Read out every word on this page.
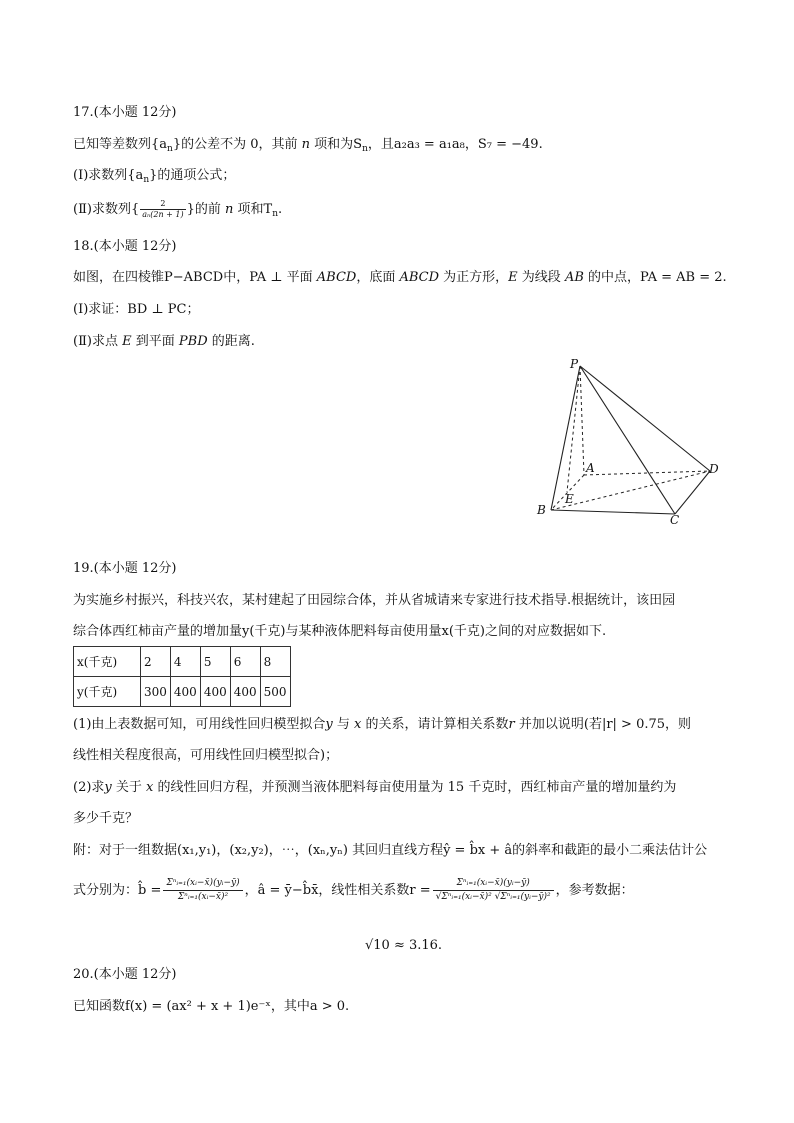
17.(本小题 12分)
已知等差数列$\{a_n\}$的公差不为 0，其前 n 项和为$S_n$，且a₂a₃ = a₁a₈，S₇ = −49.
(Ⅰ)求数列$\{a_n\}$的通项公式；
(Ⅱ)求数列{ $\frac{2}{\text{aₙ(2n + 1)}}$ }的前 n 项和$T_n$.
18.(本小题 12分)
如图，在四棱锥P−ABCD中，PA ⊥ 平面 ABCD，底面 ABCD 为正方形，E 为线段 AB 的中点，PA = AB = 2.
(Ⅰ)求证：BD ⊥ PC；
(Ⅱ)求点 E 到平面 PBD 的距离.
P
A
B
C
D
E
19.(本小题 12分)
为实施乡村振兴，科技兴农，某村建起了田园综合体，并从省城请来专家进行技术指导.根据统计，该田园
综合体西红柿亩产量的增加量y(千克)与某种液体肥料每亩使用量x(千克)之间的对应数据如下.
x(千克)	2	4	5	6	8
y(千克)	300	400	400	400	500
(1)由上表数据可知，可用线性回归模型拟合y 与 x 的关系，请计算相关系数r 并加以说明(若|r| > 0.75，则
线性相关程度很高，可用线性回归模型拟合)；
(2)求y 关于 x 的线性回归方程，并预测当液体肥料每亩使用量为 15 千克时，西红柿亩产量的增加量约为
多少千克？
附：对于一组数据(x₁,y₁)，(x₂,y₂)，⋯，(xₙ,yₙ) 其回归直线方程ŷ = b̂x + â的斜率和截距的最小二乘法估计公
式分别为：b̂ = $\frac{\text{Σⁿᵢ₌₁(xᵢ−x̄)(yᵢ−ȳ)}}{\text{Σⁿᵢ₌₁(xᵢ−x̄)²}}$ ，â = ȳ−b̂x̄，线性相关系数$r = \frac{\text{Σⁿᵢ₌₁(xᵢ−x̄)(yᵢ−ȳ)}}{\text{√Σⁿᵢ₌₁(xᵢ−x̄)² √Σⁿᵢ₌₁(yᵢ−ȳ)²}}$ ，参考数据：
√10 ≈ 3.16.
20.(本小题 12分)
已知函数f(x) = (ax² + x + 1)e⁻ˣ，其中a > 0.
